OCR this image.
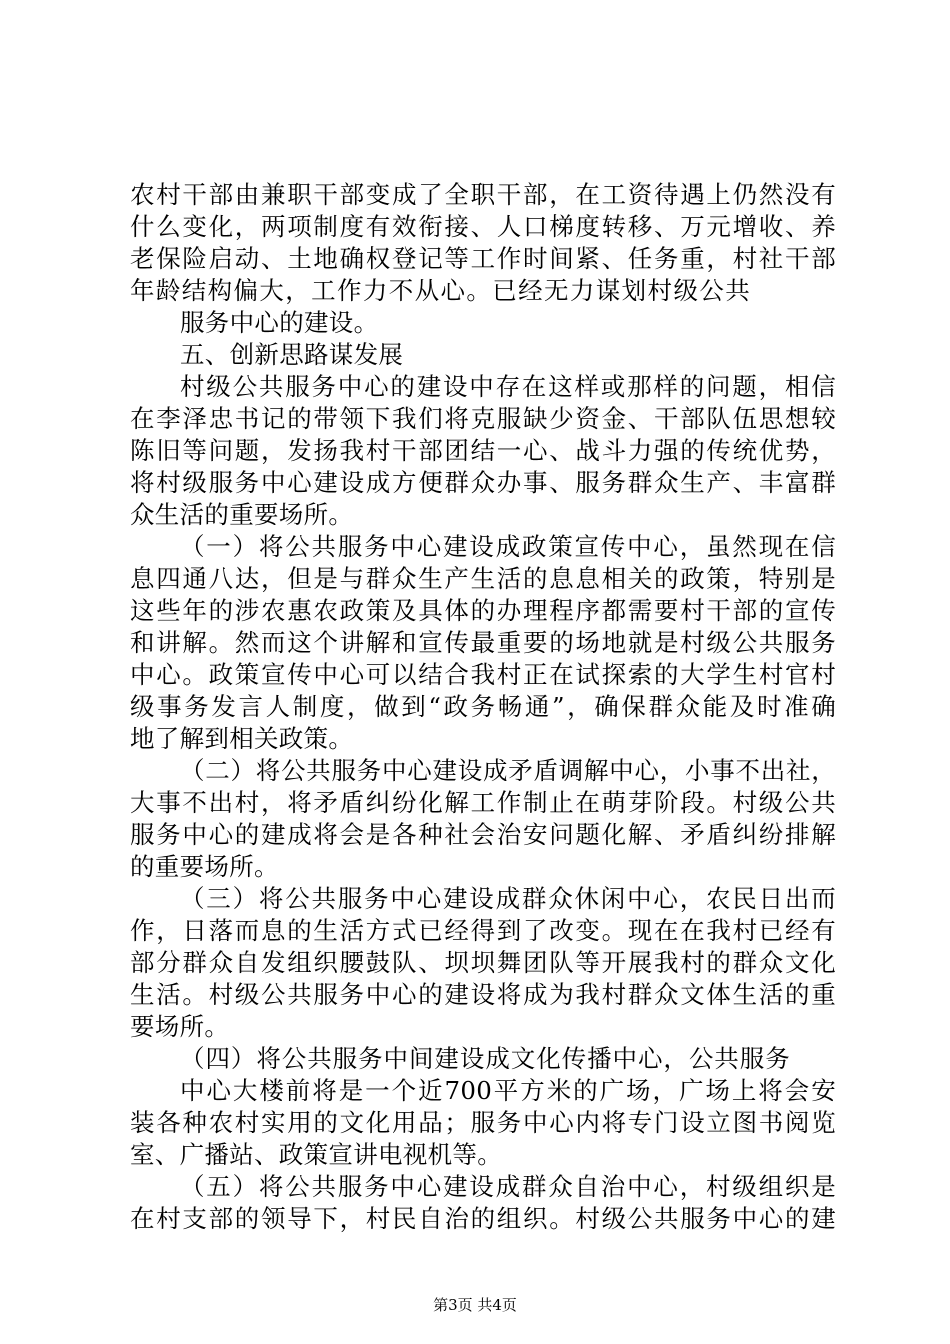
农村干部由兼职干部变成了全职干部，在工资待遇上仍然没有
什么变化，两项制度有效衔接、人口梯度转移、万元增收、养
老保险启动、土地确权登记等工作时间紧、任务重，村社干部
年龄结构偏大，工作力不从心。已经无力谋划村级公共
服务中心的建设。
五、创新思路谋发展
村级公共服务中心的建设中存在这样或那样的问题，相信
在李泽忠书记的带领下我们将克服缺少资金、干部队伍思想较
陈旧等问题，发扬我村干部团结一心、战斗力强的传统优势，
将村级服务中心建设成方便群众办事、服务群众生产、丰富群
众生活的重要场所。
（一）将公共服务中心建设成政策宣传中心，虽然现在信
息四通八达，但是与群众生产生活的息息相关的政策，特别是
这些年的涉农惠农政策及具体的办理程序都需要村干部的宣传
和讲解。然而这个讲解和宣传最重要的场地就是村级公共服务
中心。政策宣传中心可以结合我村正在试探索的大学生村官村
级事务发言人制度，做到“政务畅通”，确保群众能及时准确
地了解到相关政策。
（二）将公共服务中心建设成矛盾调解中心，小事不出社，
大事不出村，将矛盾纠纷化解工作制止在萌芽阶段。村级公共
服务中心的建成将会是各种社会治安问题化解、矛盾纠纷排解
的重要场所。
（三）将公共服务中心建设成群众休闲中心，农民日出而
作，日落而息的生活方式已经得到了改变。现在在我村已经有
部分群众自发组织腰鼓队、坝坝舞团队等开展我村的群众文化
生活。村级公共服务中心的建设将成为我村群众文体生活的重
要场所。
（四）将公共服务中间建设成文化传播中心，公共服务
中心大楼前将是一个近700平方米的广场，广场上将会安
装各种农村实用的文化用品；服务中心内将专门设立图书阅览
室、广播站、政策宣讲电视机等。
（五）将公共服务中心建设成群众自治中心，村级组织是
在村支部的领导下，村民自治的组织。村级公共服务中心的建
第3页 共4页
